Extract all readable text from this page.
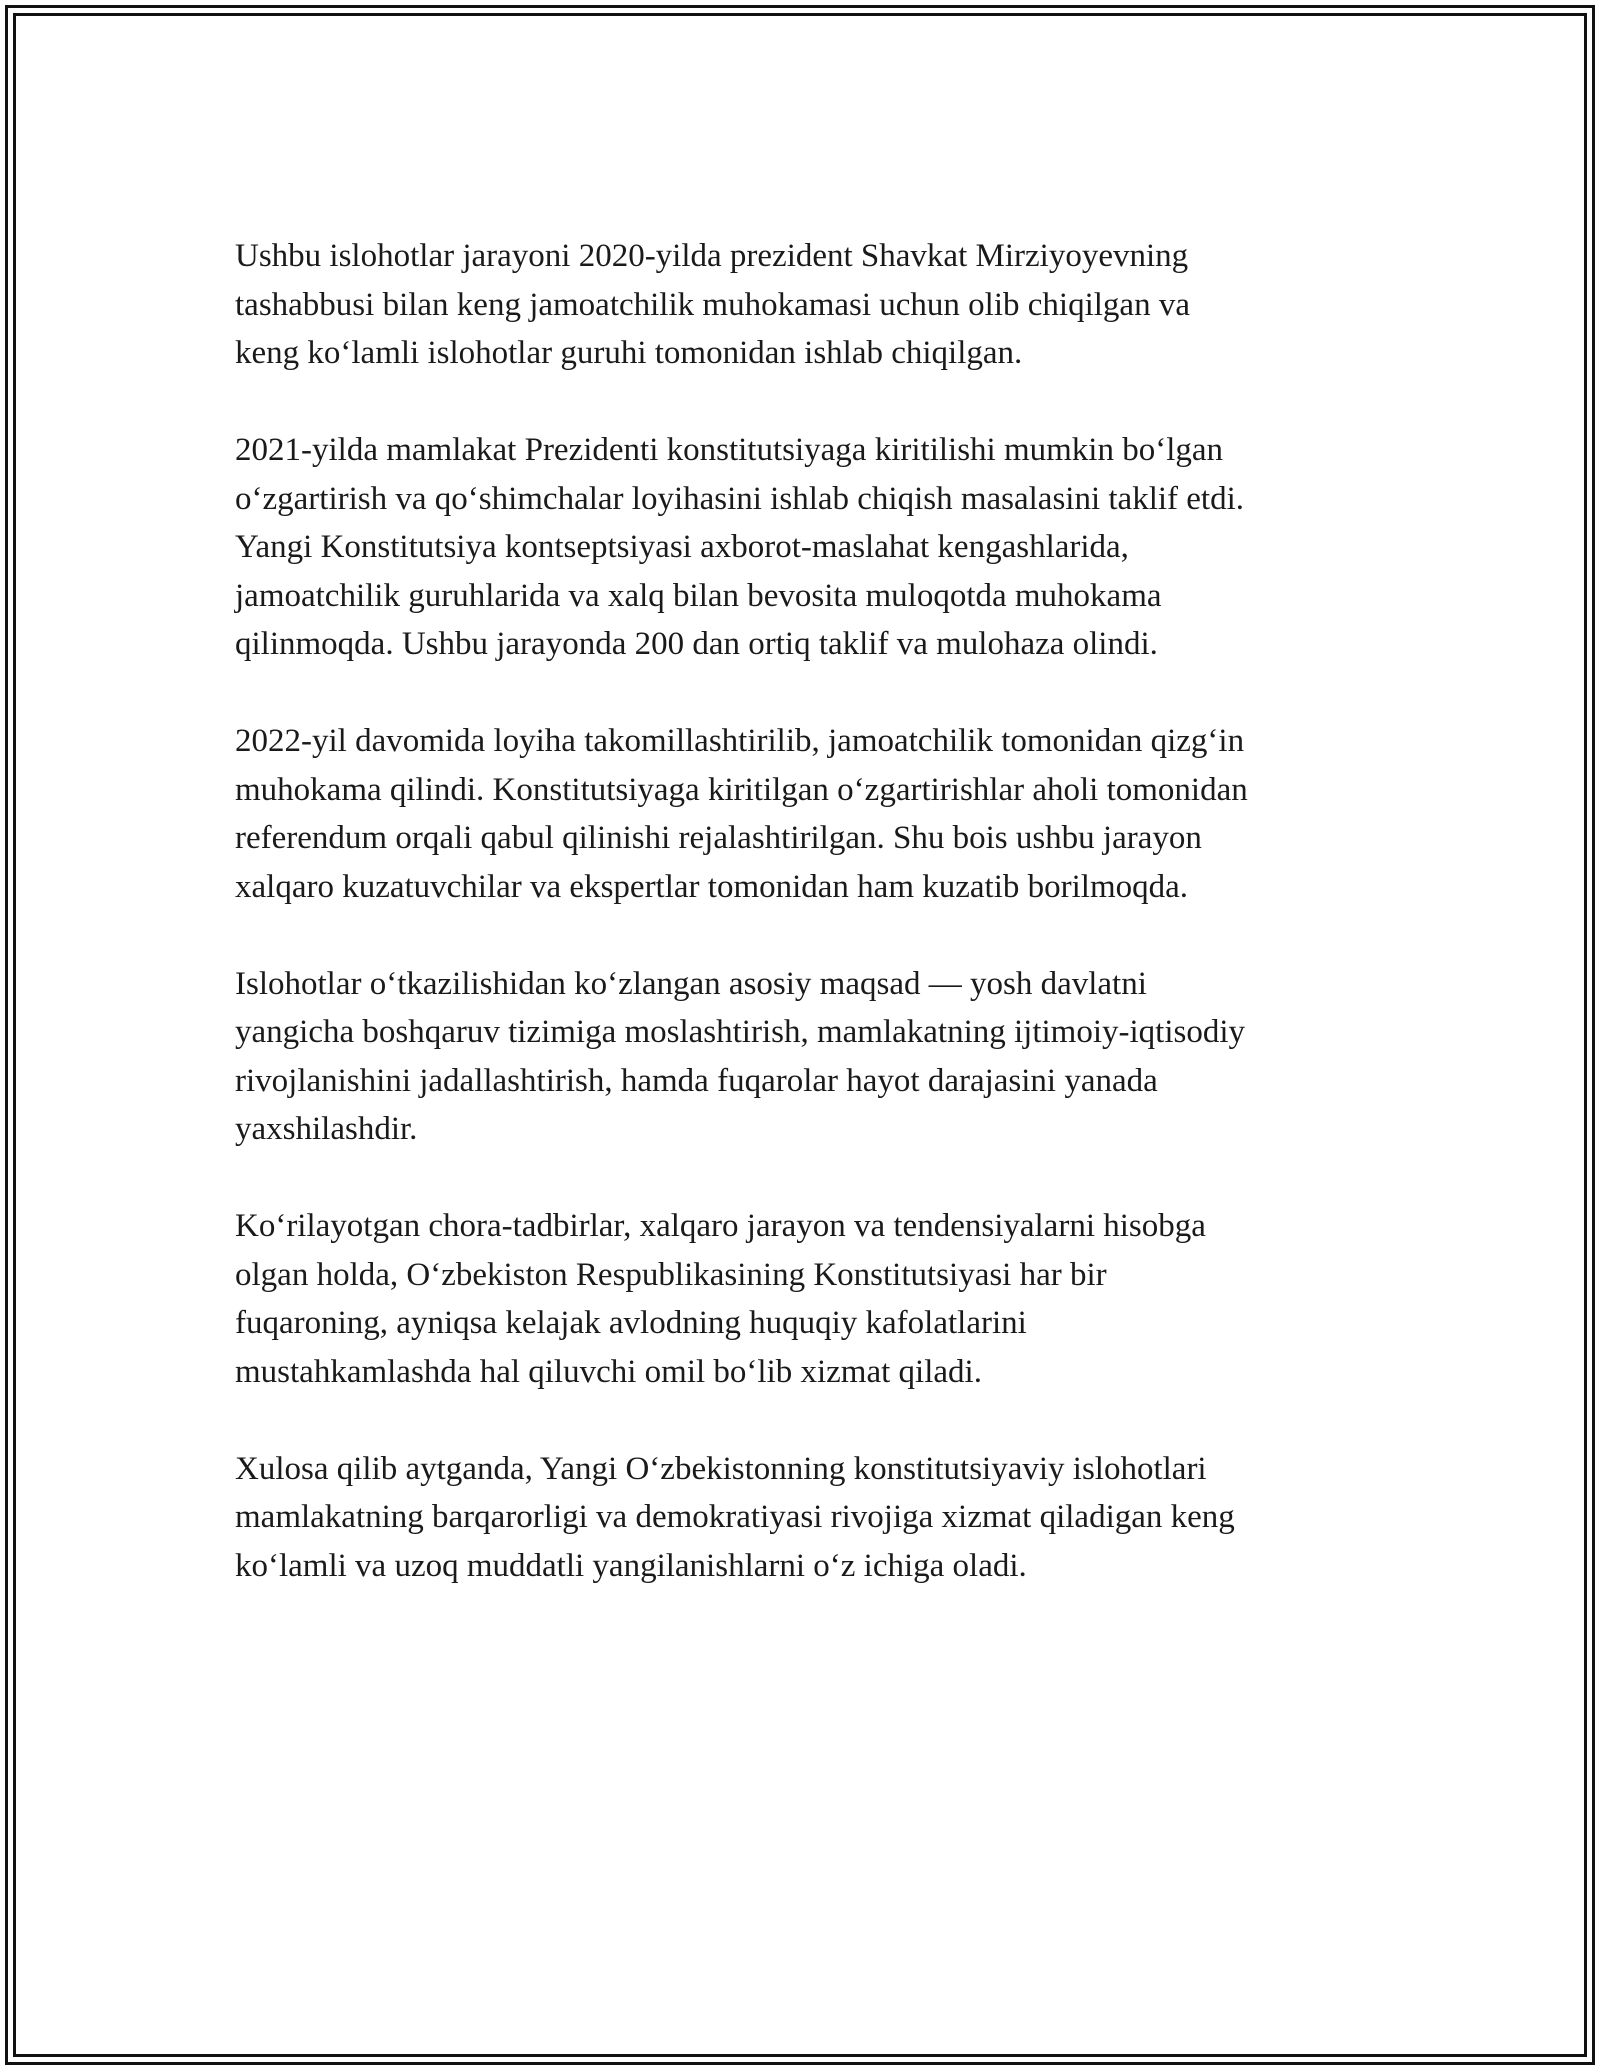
Ushbu islohotlar jarayoni 2020-yilda prezident Shavkat Mirziyoyevning
tashabbusi bilan keng jamoatchilik muhokamasi uchun olib chiqilgan va
keng ko‘lamli islohotlar guruhi tomonidan ishlab chiqilgan.

2021-yilda mamlakat Prezidenti konstitutsiyaga kiritilishi mumkin bo‘lgan
o‘zgartirish va qo‘shimchalar loyihasini ishlab chiqish masalasini taklif etdi.
Yangi Konstitutsiya kontseptsiyasi axborot-maslahat kengashlarida,
jamoatchilik guruhlarida va xalq bilan bevosita muloqotda muhokama
qilinmoqda. Ushbu jarayonda 200 dan ortiq taklif va mulohaza olindi.

2022-yil davomida loyiha takomillashtirilib, jamoatchilik tomonidan qizg‘in
muhokama qilindi. Konstitutsiyaga kiritilgan o‘zgartirishlar aholi tomonidan
referendum orqali qabul qilinishi rejalashtirilgan. Shu bois ushbu jarayon
xalqaro kuzatuvchilar va ekspertlar tomonidan ham kuzatib borilmoqda.

Islohotlar o‘tkazilishidan ko‘zlangan asosiy maqsad — yosh davlatni
yangicha boshqaruv tizimiga moslashtirish, mamlakatning ijtimoiy-iqtisodiy
rivojlanishini jadallashtirish, hamda fuqarolar hayot darajasini yanada
yaxshilashdir.

Ko‘rilayotgan chora-tadbirlar, xalqaro jarayon va tendensiyalarni hisobga
olgan holda, O‘zbekiston Respublikasining Konstitutsiyasi har bir
fuqaroning, ayniqsa kelajak avlodning huquqiy kafolatlarini
mustahkamlashda hal qiluvchi omil bo‘lib xizmat qiladi.

Xulosa qilib aytganda, Yangi O‘zbekistonning konstitutsiyaviy islohotlari
mamlakatning barqarorligi va demokratiyasi rivojiga xizmat qiladigan keng
ko‘lamli va uzoq muddatli yangilanishlarni o‘z ichiga oladi.
